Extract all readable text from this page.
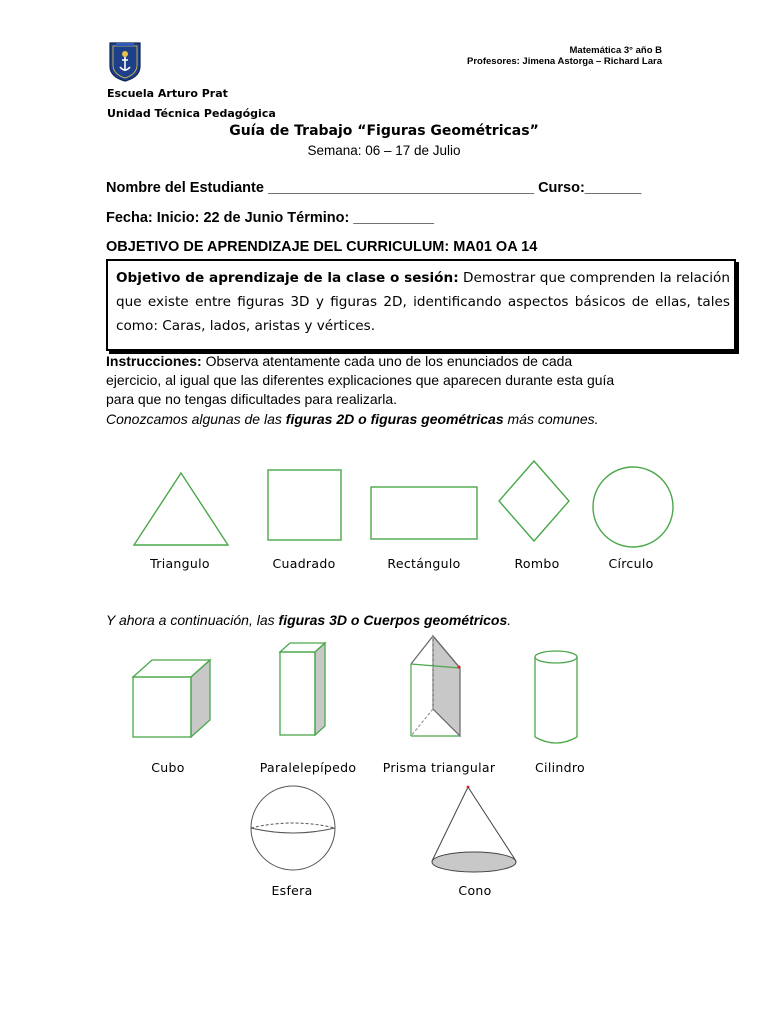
Matemática 3° año B
Profesores: Jimena Astorga – Richard Lara
Escuela Arturo Prat
Unidad Técnica Pedagógica
Guía de Trabajo “Figuras Geométricas”
Semana: 06 – 17 de Julio
Nombre del Estudiante _________________________________ Curso:_______
Fecha: Inicio: 22 de Junio Término: __________
OBJETIVO DE APRENDIZAJE DEL CURRICULUM: MA01 OA 14
Objetivo de aprendizaje de la clase o sesión: Demostrar que comprenden la relación que existe entre figuras 3D y figuras 2D, identificando aspectos básicos de ellas, tales como: Caras, lados, aristas y vértices.
Instrucciones: Observa atentamente cada uno de los enunciados de cada
ejercicio, al igual que las diferentes explicaciones que aparecen durante esta guía
para que no tengas dificultades para realizarla.
Conozcamos algunas de las figuras 2D o figuras geométricas más comunes.
Triangulo	Cuadrado	Rectángulo	Rombo	Círculo
Y ahora a continuación, las figuras 3D o Cuerpos geométricos.
Cubo	Paralelepípedo	Prisma triangular	Cilindro
Esfera	Cono
